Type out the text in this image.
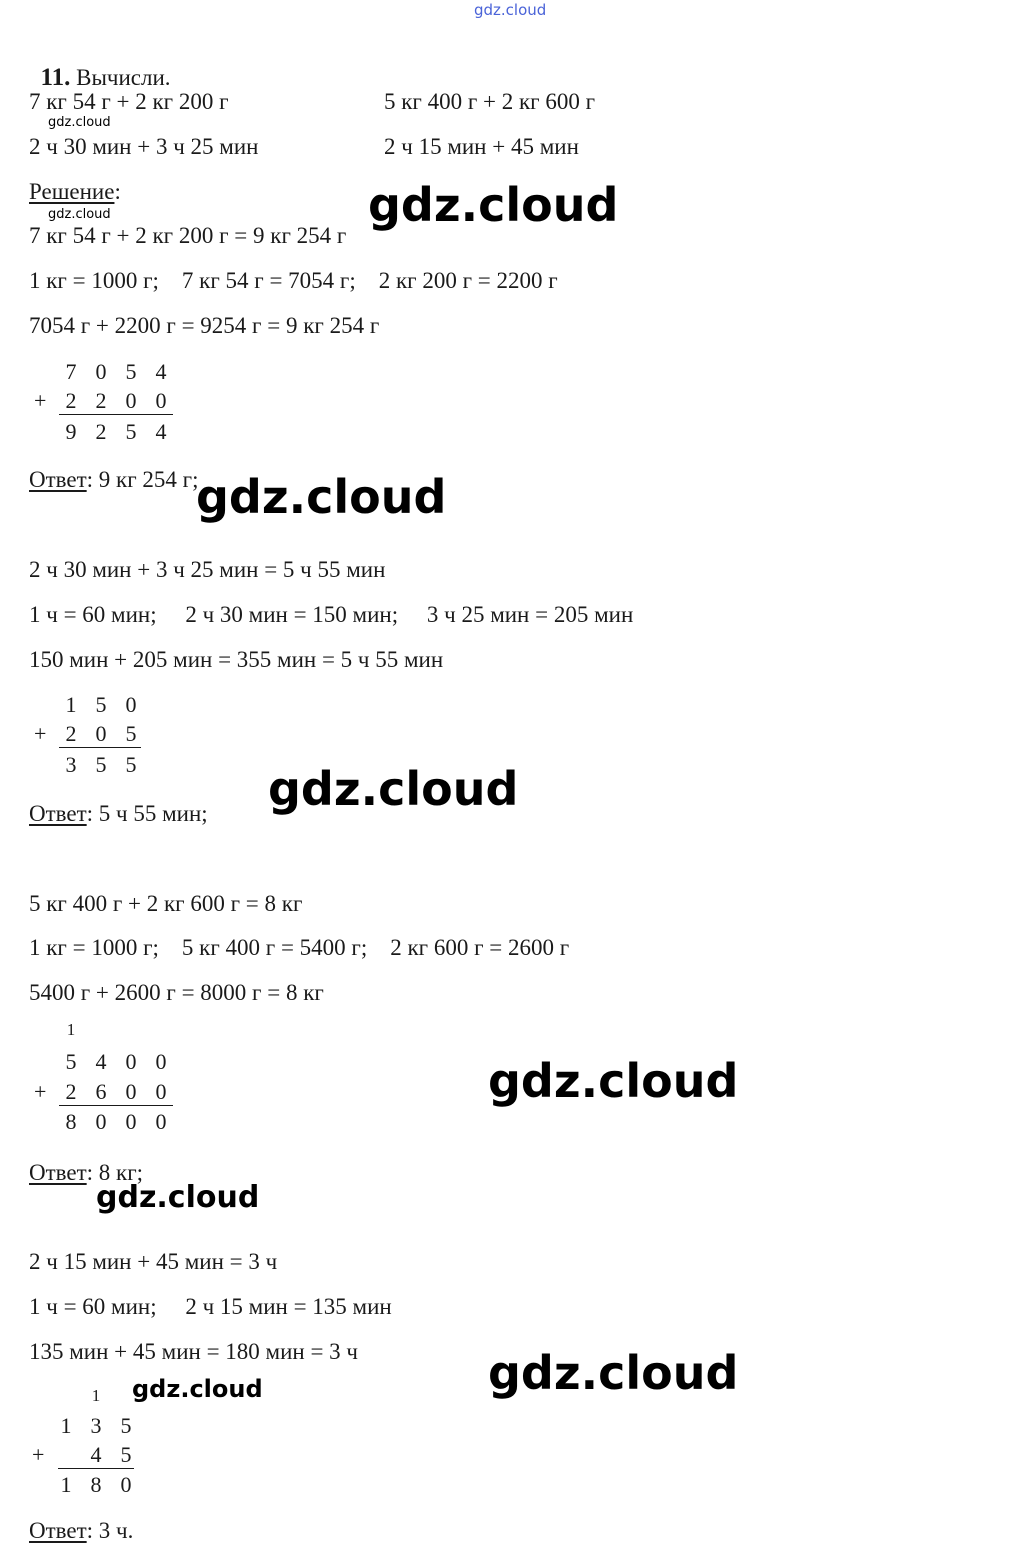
gdz.cloud

11. Вычисли.

7 кг 54 г + 2 кг 200 г	5 кг 400 г + 2 кг 600 г
gdz.cloud
2 ч 30 мин + 3 ч 25 мин	2 ч 15 мин + 45 мин
Решение:
gdz.cloud	gdz.cloud
7 кг 54 г + 2 кг 200 г = 9 кг 254 г
1 кг = 1000 г;    7 кг 54 г = 7054 г;    2 кг 200 г = 2200 г
7054 г + 2200 г = 9254 г = 9 кг 254 г
7 0 5 4
+ 2 2 0 0
9 2 5 4
Ответ: 9 кг 254 г;
gdz.cloud
2 ч 30 мин + 3 ч 25 мин = 5 ч 55 мин
1 ч = 60 мин;     2 ч 30 мин = 150 мин;     3 ч 25 мин = 205 мин
150 мин + 205 мин = 355 мин = 5 ч 55 мин
1 5 0
+ 2 0 5
3 5 5
Ответ: 5 ч 55 мин; gdz.cloud
5 кг 400 г + 2 кг 600 г = 8 кг
1 кг = 1000 г;    5 кг 400 г = 5400 г;    2 кг 600 г = 2600 г
5400 г + 2600 г = 8000 г = 8 кг
1
5 4 0 0
+ 2 6 0 0
8 0 0 0
gdz.cloud
Ответ: 8 кг;
gdz.cloud
2 ч 15 мин + 45 мин = 3 ч
1 ч = 60 мин;     2 ч 15 мин = 135 мин
135 мин + 45 мин = 180 мин = 3 ч	gdz.cloud
1	gdz.cloud
1 3 5
+	4 5
1 8 0
Ответ: 3 ч.
